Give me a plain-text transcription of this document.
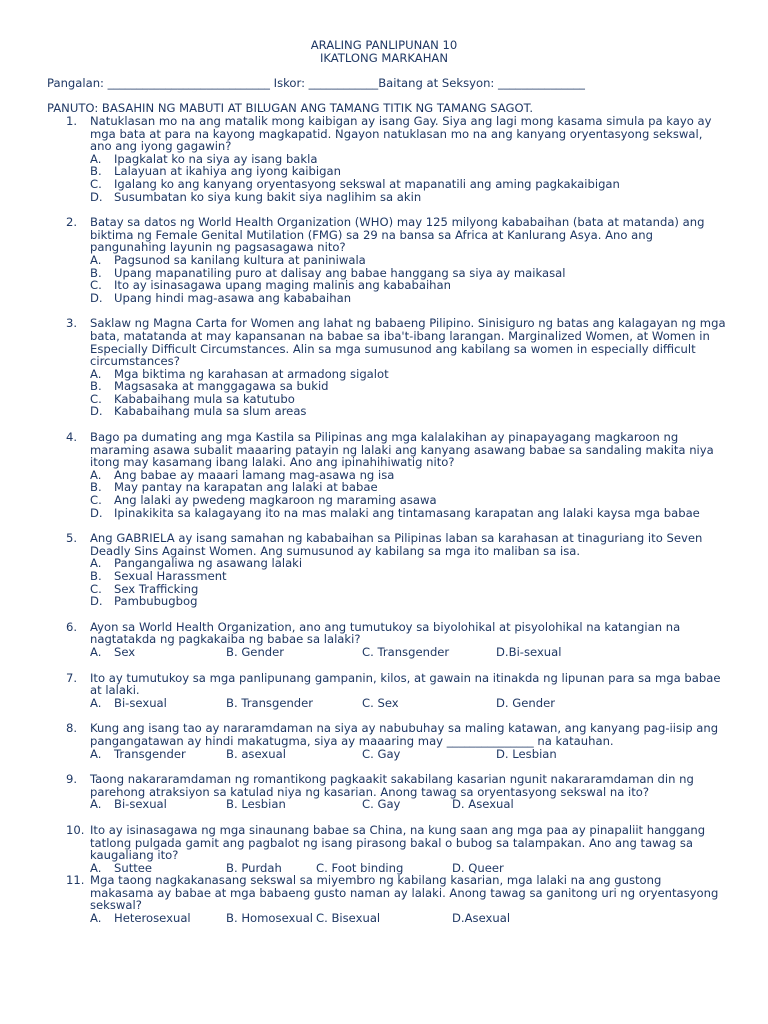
ARALING PANLIPUNAN 10
IKATLONG MARKAHAN
Pangalan: ____________________________ Iskor: ____________Baitang at Seksyon: _______________
PANUTO: BASAHIN NG MABUTI AT BILUGAN ANG TAMANG TITIK NG TAMANG SAGOT.
1. Natuklasan mo na ang matalik mong kaibigan ay isang Gay. Siya ang lagi mong kasama simula pa kayo ay mga bata at para na kayong magkapatid. Ngayon natuklasan mo na ang kanyang oryentasyong sekswal, ano ang iyong gagawin?
A. Ipagkalat ko na siya ay isang bakla
B. Lalayuan at ikahiya ang iyong kaibigan
C. Igalang ko ang kanyang oryentasyong sekswal at mapanatili ang aming pagkakaibigan
D. Susumbatan ko siya kung bakit siya naglihim sa akin
2. Batay sa datos ng World Health Organization (WHO) may 125 milyong kababaihan (bata at matanda) ang biktima ng Female Genital Mutilation (FMG) sa 29 na bansa sa Africa at Kanlurang Asya. Ano ang pangunahing layunin ng pagsasagawa nito?
A. Pagsunod sa kanilang kultura at paniniwala
B. Upang mapanatiling puro at dalisay ang babae hanggang sa siya ay maikasal
C. Ito ay isinasagawa upang maging malinis ang kababaihan
D. Upang hindi mag-asawa ang kababaihan
3. Saklaw ng Magna Carta for Women ang lahat ng babaeng Pilipino. Sinisiguro ng batas ang kalagayan ng mga bata, matatanda at may kapansanan na babae sa iba't-ibang larangan. Marginalized Women, at Women in Especially Difficult Circumstances. Alin sa mga sumusunod ang kabilang sa women in especially difficult circumstances?
A. Mga biktima ng karahasan at armadong sigalot
B. Magsasaka at manggagawa sa bukid
C. Kababaihang mula sa katutubo
D. Kababaihang mula sa slum areas
4. Bago pa dumating ang mga Kastila sa Pilipinas ang mga kalalakihan ay pinapayagang magkaroon ng maraming asawa subalit maaaring patayin ng lalaki ang kanyang asawang babae sa sandaling makita niya itong may kasamang ibang lalaki. Ano ang ipinahihiwatig nito?
A. Ang babae ay maaari lamang mag-asawa ng isa
B. May pantay na karapatan ang lalaki at babae
C. Ang lalaki ay pwedeng magkaroon ng maraming asawa
D. Ipinakikita sa kalagayang ito na mas malaki ang tintamasang karapatan ang lalaki kaysa mga babae
5. Ang GABRIELA ay isang samahan ng kababaihan sa Pilipinas laban sa karahasan at tinaguriang ito Seven Deadly Sins Against Women. Ang sumusunod ay kabilang sa mga ito maliban sa isa.
A. Pangangaliwa ng asawang lalaki
B. Sexual Harassment
C. Sex Trafficking
D. Pambubugbog
6. Ayon sa World Health Organization, ano ang tumutukoy sa biyolohikal at pisyolohikal na katangian na nagtatakda ng pagkakaiba ng babae sa lalaki?
A. Sex	B. Gender	C. Transgender	D.Bi-sexual
7. Ito ay tumutukoy sa mga panlipunang gampanin, kilos, at gawain na itinakda ng lipunan para sa mga babae at lalaki.
A. Bi-sexual	B. Transgender	C. Sex	D. Gender
8. Kung ang isang tao ay nararamdaman na siya ay nabubuhay sa maling katawan, ang kanyang pag-iisip ang pangangatawan ay hindi makatugma, siya ay maaaring may _______________ na katauhan.
A. Transgender	B. asexual	C. Gay	D. Lesbian
9. Taong nakararamdaman ng romantikong pagkaakit sakabilang kasarian ngunit nakararamdaman din ng parehong atraksiyon sa katulad niya ng kasarian. Anong tawag sa oryentasyong sekswal na ito?
A. Bi-sexual	B. Lesbian	C. Gay	D. Asexual
10. Ito ay isinasagawa ng mga sinaunang babae sa China, na kung saan ang mga paa ay pinapaliit hanggang tatlong pulgada gamit ang pagbalot ng isang pirasong bakal o bubog sa talampakan. Ano ang tawag sa kaugaliang ito?
A. Suttee	B. Purdah	C. Foot binding	D. Queer
11. Mga taong nagkakanasang sekswal sa miyembro ng kabilang kasarian, mga lalaki na ang gustong makasama ay babae at mga babaeng gusto naman ay lalaki. Anong tawag sa ganitong uri ng oryentasyong sekswal?
A. Heterosexual	B. Homosexual C. Bisexual	D.Asexual
